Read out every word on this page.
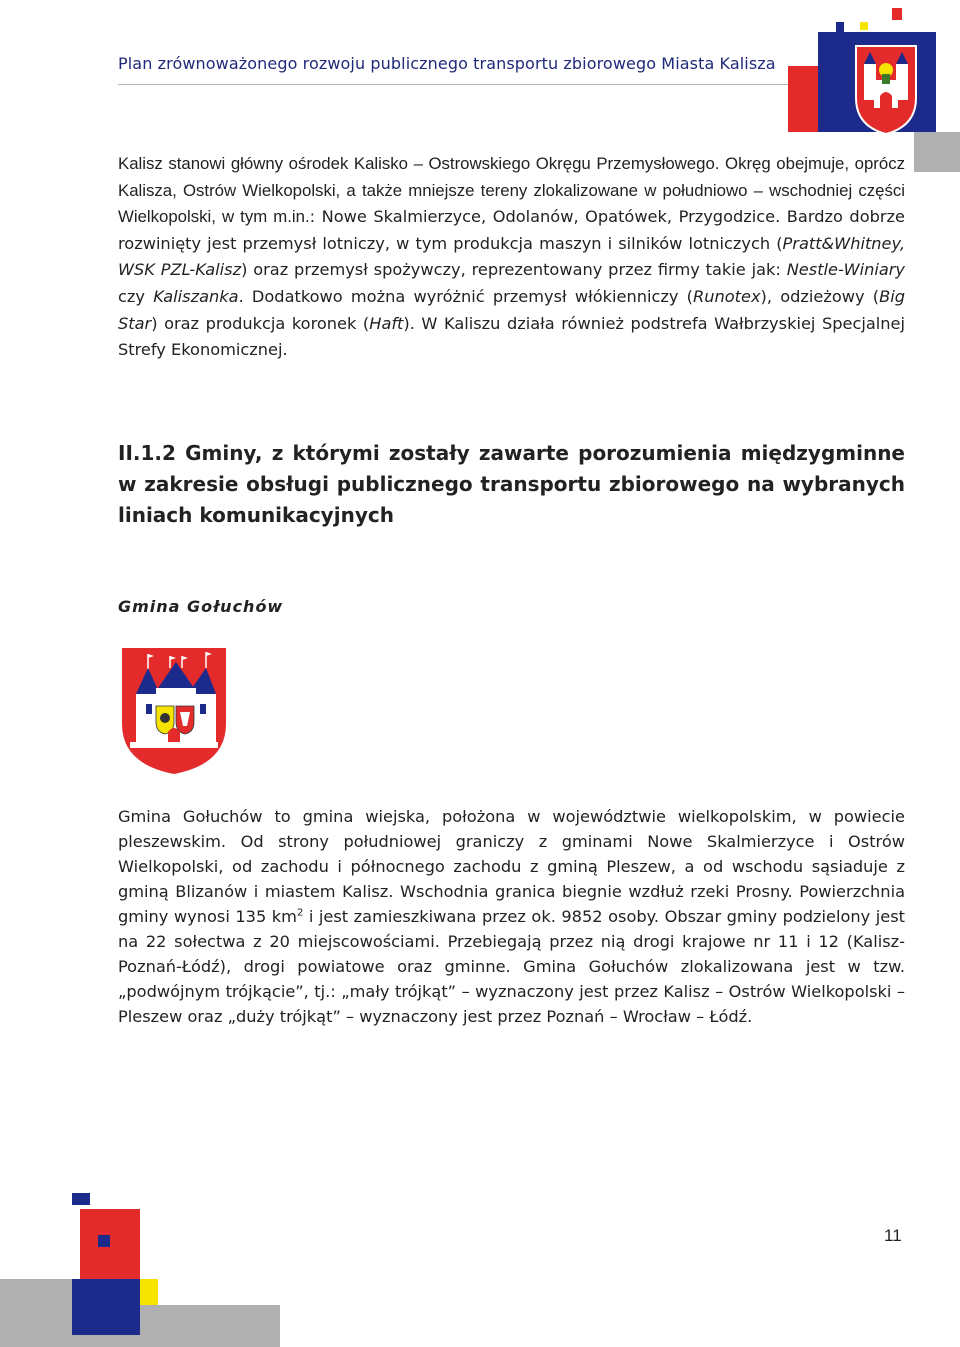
Plan zrównoważonego rozwoju publicznego transportu zbiorowego Miasta Kalisza

Kalisz stanowi główny ośrodek Kalisko – Ostrowskiego Okręgu Przemysłowego. Okręg obejmuje, oprócz Kalisza, Ostrów Wielkopolski, a także mniejsze tereny zlokalizowane w południowo – wschodniej części Wielkopolski, w tym m.in.: Nowe Skalmierzyce, Odolanów, Opatówek, Przygodzice. Bardzo dobrze rozwinięty jest przemysł lotniczy, w tym produkcja maszyn i silników lotniczych (Pratt&Whitney, WSK PZL-Kalisz) oraz przemysł spożywczy, reprezentowany przez firmy takie jak: Nestle-Winiary czy Kaliszanka. Dodatkowo można wyróżnić przemysł włókienniczy (Runotex), odzieżowy (Big Star) oraz produkcja koronek (Haft). W Kaliszu działa również podstrefa Wałbrzyskiej Specjalnej Strefy Ekonomicznej.

II.1.2 Gminy, z którymi zostały zawarte porozumienia międzygminne w zakresie obsługi publicznego transportu zbiorowego na wybranych liniach komunikacyjnych
Gmina Gołuchów

Gmina Gołuchów to gmina wiejska, położona w województwie wielkopolskim, w powiecie pleszewskim. Od strony południowej graniczy z gminami Nowe Skalmierzyce i Ostrów Wielkopolski, od zachodu i północnego zachodu z gminą Pleszew, a od wschodu sąsiaduje z gminą Blizanów i miastem Kalisz. Wschodnia granica biegnie wzdłuż rzeki Prosny. Powierzchnia gminy wynosi 135 $km^2$ i jest zamieszkiwana przez ok. 9852 osoby. Obszar gminy podzielony jest na 22 sołectwa z 20 miejscowościami. Przebiegają przez nią drogi krajowe nr 11 i 12 (Kalisz-Poznań-Łódź), drogi powiatowe oraz gminne. Gmina Gołuchów zlokalizowana jest w tzw. „podwójnym trójkącie”, tj.: „mały trójkąt” – wyznaczony jest przez Kalisz – Ostrów Wielkopolski – Pleszew oraz „duży trójkąt” – wyznaczony jest przez Poznań – Wrocław – Łódź.

11
